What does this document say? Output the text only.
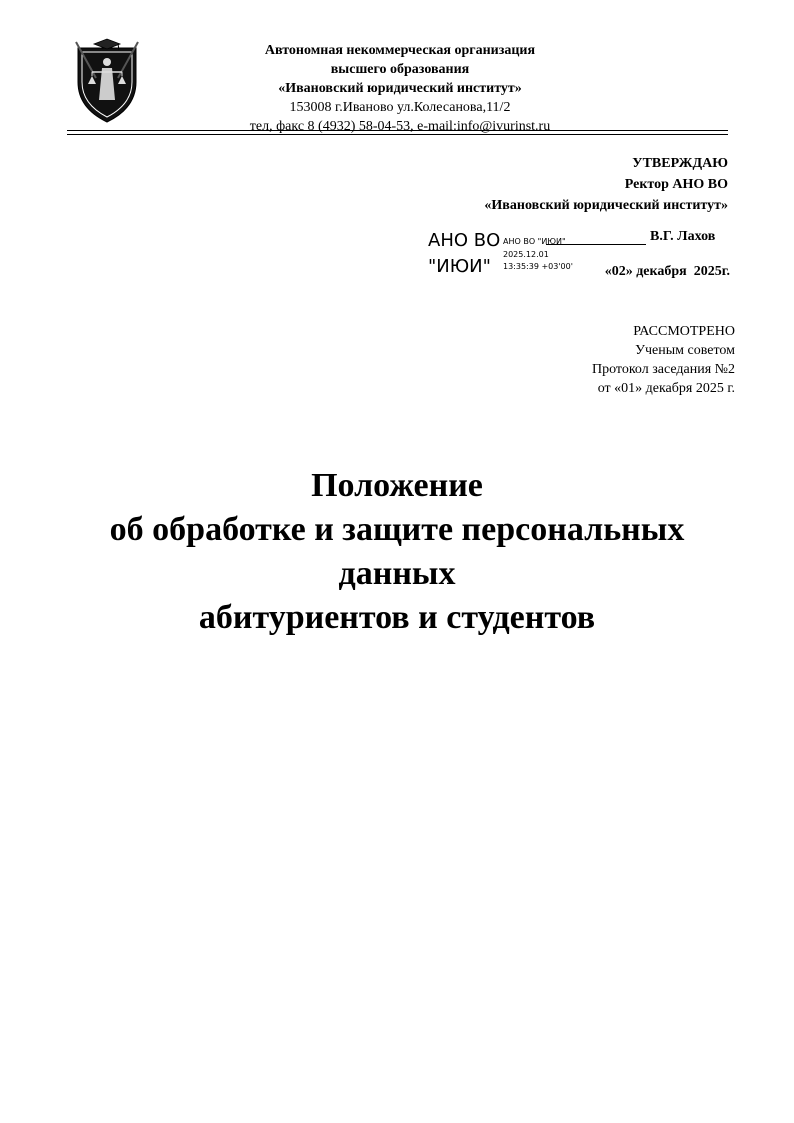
Автономная некоммерческая организация
высшего образования
«Ивановский юридический институт»
153008 г.Иваново ул.Колесанова,11/2
тел, факс 8 (4932) 58-04-53, e-mail:info@ivurinst.ru
УТВЕРЖДАЮ
Ректор АНО ВО
«Ивановский юридический институт»
АНО ВО
"ИЮИ"
АНО ВО "ИЮИ"
2025.12.01
13:35:39 +03'00'
В.Г. Лахов
«02» декабря  2025г.
РАССМОТРЕНО
Ученым советом
Протокол заседания №2
от «01» декабря 2025 г.
Положение
об обработке и защите персональных
данных
абитуриентов и студентов
